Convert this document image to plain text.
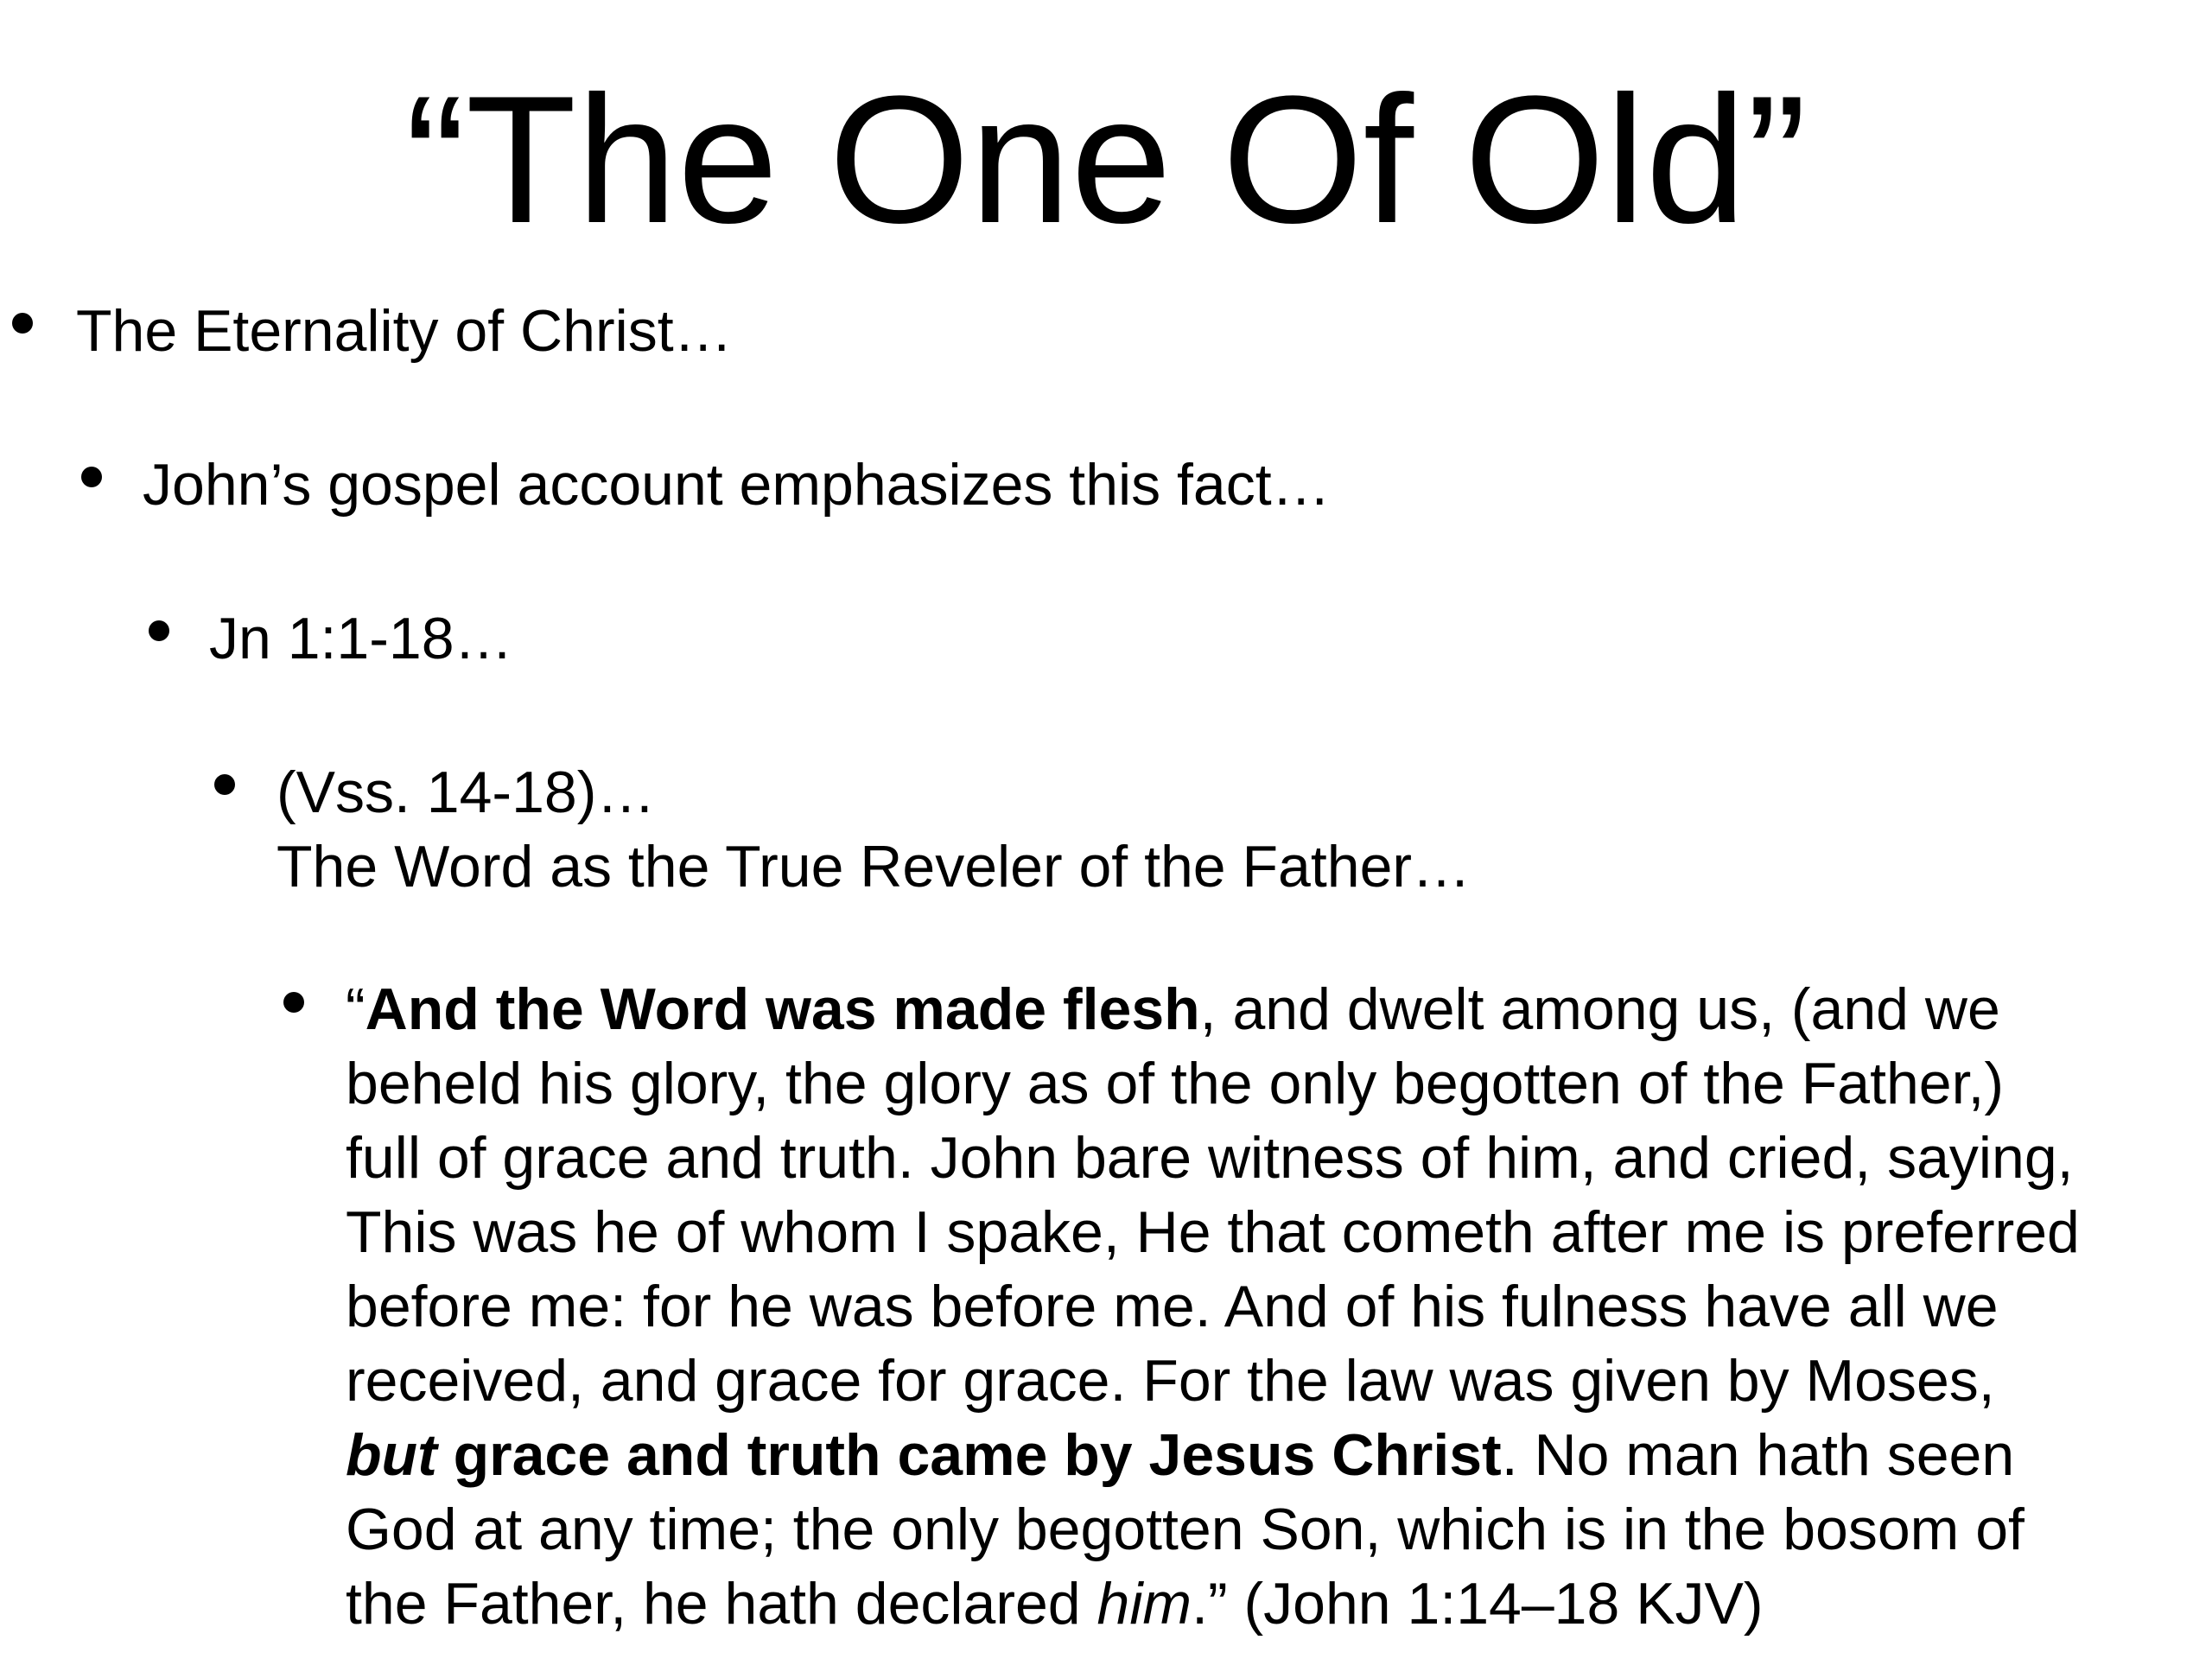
“The One Of Old”
The Eternality of Christ…
John’s gospel account emphasizes this fact…
Jn 1:1-18…
(Vss. 14-18)…
The Word as the True Reveler of the Father…
“And the Word was made flesh, and dwelt among us, (and we
beheld his glory, the glory as of the only begotten of the Father,)
full of grace and truth. John bare witness of him, and cried, saying,
This was he of whom I spake, He that cometh after me is preferred
before me: for he was before me. And of his fulness have all we
received, and grace for grace. For the law was given by Moses,
but grace and truth came by Jesus Christ. No man hath seen
God at any time; the only begotten Son, which is in the bosom of
the Father, he hath declared him.” (John 1:14–18 KJV)
